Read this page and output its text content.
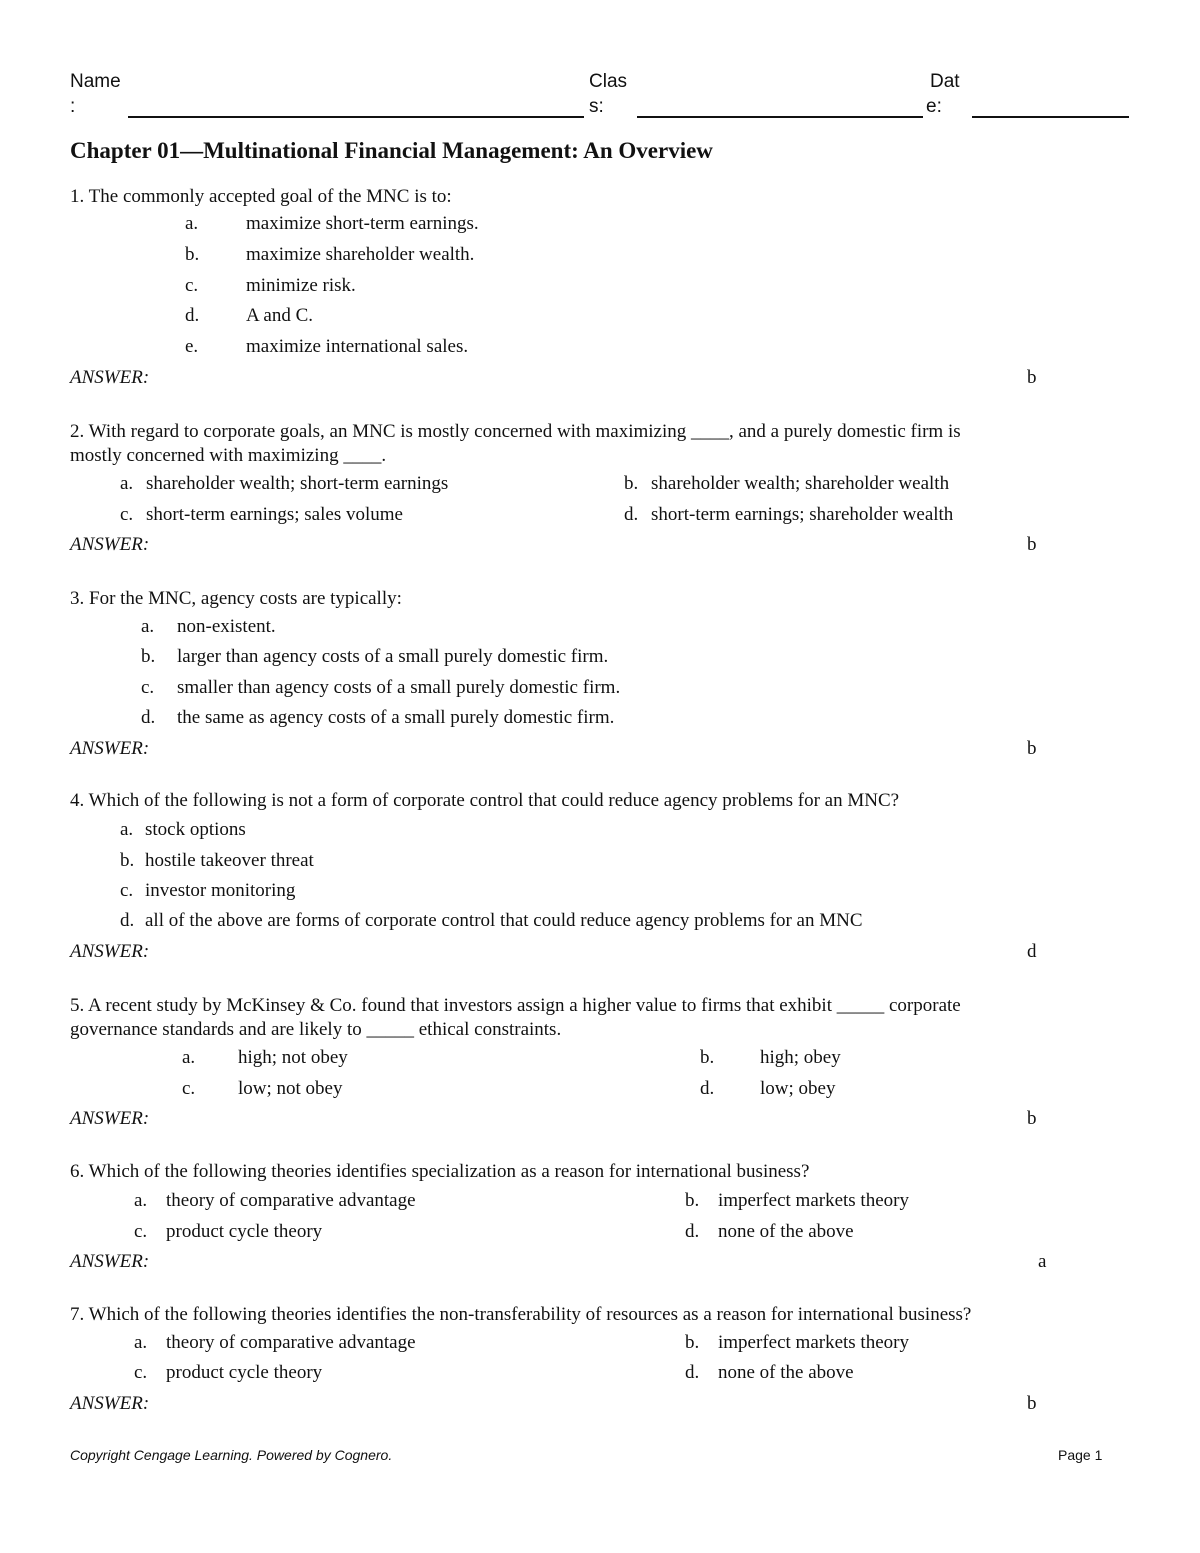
Name
:
Clas
s:
Dat
e:
Chapter 01—Multinational Financial Management: An Overview
1. The commonly accepted goal of the MNC is to:
a.	maximize short-term earnings.
b. maximize shareholder wealth.
c.	minimize risk.
d. A and C.
e.	maximize international sales.
ANSWER:	b
2. With regard to corporate goals, an MNC is mostly concerned with maximizing ____, and a purely domestic firm is
mostly concerned with maximizing ____.
a. shareholder wealth; short-term earnings	b. shareholder wealth; shareholder wealth
c. short-term earnings; sales volume	d. short-term earnings; shareholder wealth
ANSWER:	b
3. For the MNC, agency costs are typically:
a. non-existent.
b. larger than agency costs of a small purely domestic firm.
c. smaller than agency costs of a small purely domestic firm.
d. the same as agency costs of a small purely domestic firm.
ANSWER:	b
4. Which of the following is not a form of corporate control that could reduce agency problems for an MNC?
a. stock options
b. hostile takeover threat
c. investor monitoring
d. all of the above are forms of corporate control that could reduce agency problems for an MNC
ANSWER:	d
5. A recent study by McKinsey & Co. found that investors assign a higher value to firms that exhibit _____ corporate
governance standards and are likely to _____ ethical constraints.
a. high; not obey	b. high; obey
c. low; not obey	d. low; obey
ANSWER:	b
6. Which of the following theories identifies specialization as a reason for international business?
a. theory of comparative advantage	b. imperfect markets theory
c. product cycle theory	d. none of the above
ANSWER:	a
7. Which of the following theories identifies the non-transferability of resources as a reason for international business?
a. theory of comparative advantage	b. imperfect markets theory
c. product cycle theory	d. none of the above
ANSWER:	b
Copyright Cengage Learning. Powered by Cognero.	Page 1
